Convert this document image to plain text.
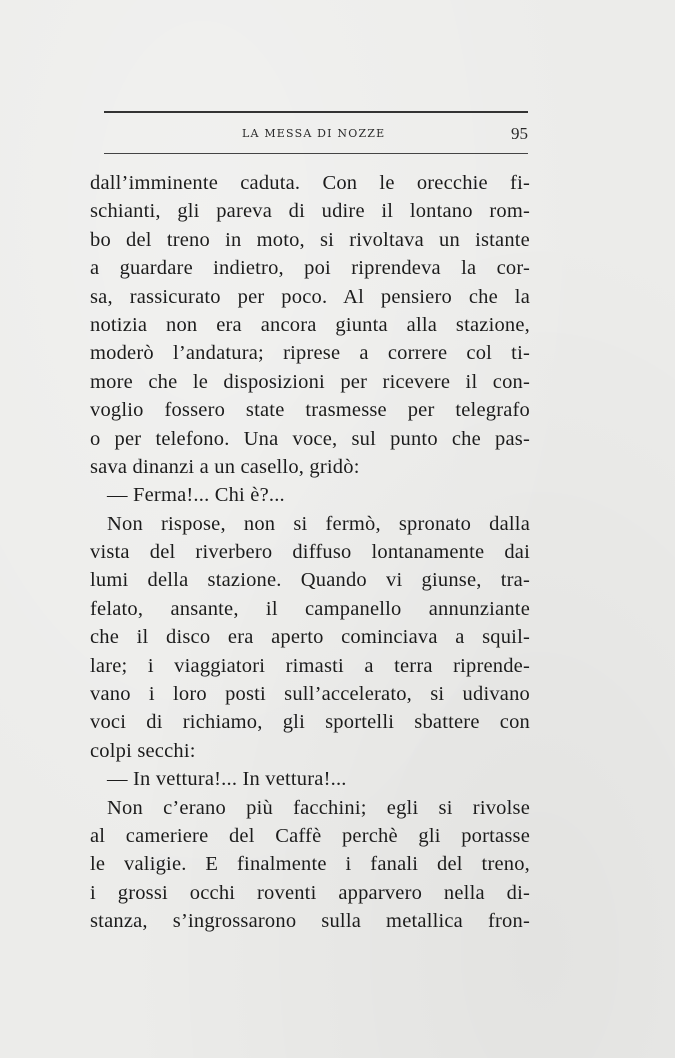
LA MESSA DI NOZZE	95
dall’imminente caduta. Con le orecchie fi-
schianti, gli pareva di udire il lontano rom-
bo del treno in moto, si rivoltava un istante
a guardare indietro, poi riprendeva la cor-
sa, rassicurato per poco. Al pensiero che la
notizia non era ancora giunta alla stazione,
moderò l’andatura; riprese a correre col ti-
more che le disposizioni per ricevere il con-
voglio fossero state trasmesse per telegrafo
o per telefono. Una voce, sul punto che pas-
sava dinanzi a un casello, gridò:
— Ferma!... Chi è?...
Non rispose, non si fermò, spronato dalla
vista del riverbero diffuso lontanamente dai
lumi della stazione. Quando vi giunse, tra-
felato, ansante, il campanello annunziante
che il disco era aperto cominciava a squil-
lare; i viaggiatori rimasti a terra riprende-
vano i loro posti sull’accelerato, si udivano
voci di richiamo, gli sportelli sbattere con
colpi secchi:
— In vettura!... In vettura!...
Non c’erano più facchini; egli si rivolse
al cameriere del Caffè perchè gli portasse
le valigie. E finalmente i fanali del treno,
i grossi occhi roventi apparvero nella di-
stanza, s’ingrossarono sulla metallica fron-
